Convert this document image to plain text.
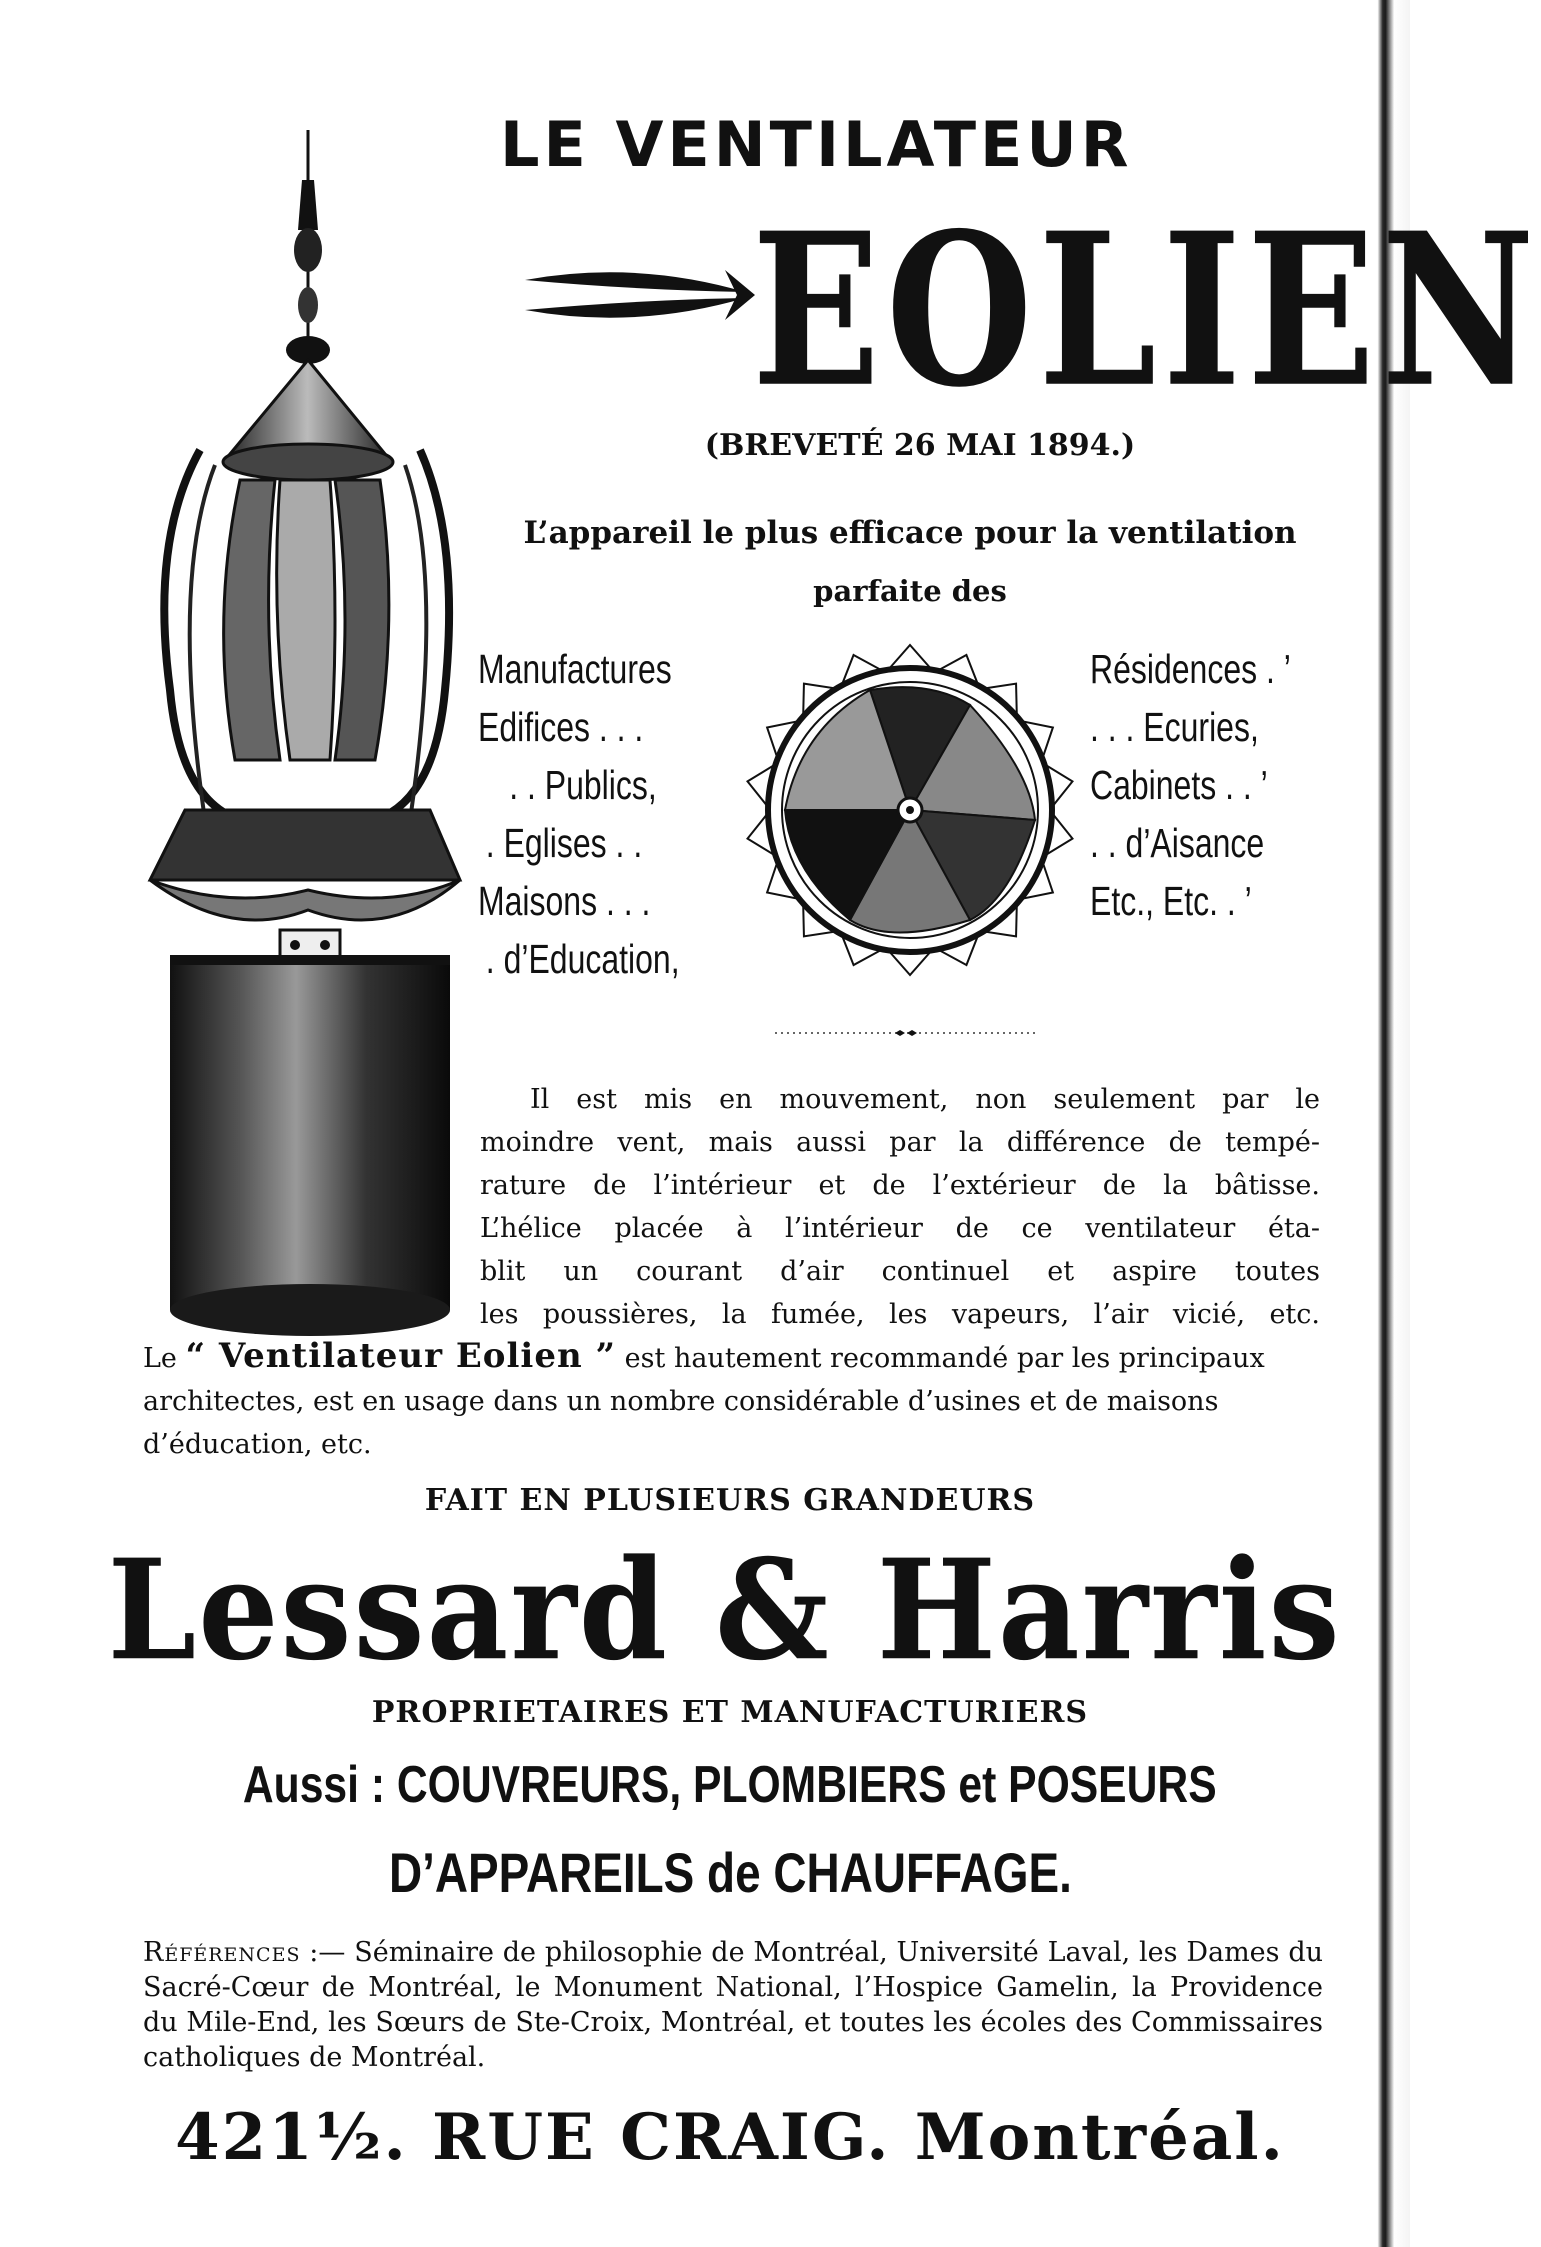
LE VENTILATEUR
EOLIEN
(BREVETÉ 26 MAI 1894.)
L’appareil le plus efficace pour la ventilation
parfaite des
Manufactures
Edifices . . .
. . Publics,
. Eglises . .
Maisons . . .
. d’Education,
Résidences . ’
. . . Ecuries,
Cabinets . . ’
. . d’Aisance
Etc., Etc. . ’
Il est mis en mouvement, non seulement par le
moindre vent, mais aussi par la différence de tempé-
rature de l’intérieur et de l’extérieur de la bâtisse.
L’hélice placée à l’intérieur de ce ventilateur éta-
blit un courant d’air continuel et aspire toutes
les poussières, la fumée, les vapeurs, l’air vicié, etc.
Le “ Ventilateur Eolien ” est hautement recommandé par les principaux architectes, est en usage dans un nombre considérable d’usines et de maisons d’éducation, etc.
FAIT EN PLUSIEURS GRANDEURS
Lessard & Harris
PROPRIETAIRES ET MANUFACTURIERS
Aussi : COUVREURS, PLOMBIERS et POSEURS
D’APPAREILS de CHAUFFAGE.
Références :— Séminaire de philosophie de Montréal, Université Laval, les Dames du Sacré-Cœur de Montréal, le Monument National, l’Hospice Gamelin, la Providence du Mile-End, les Sœurs de Ste-Croix, Montréal, et toutes les écoles des Commissaires catholiques de Montréal.
421½. RUE CRAIG. Montréal.
